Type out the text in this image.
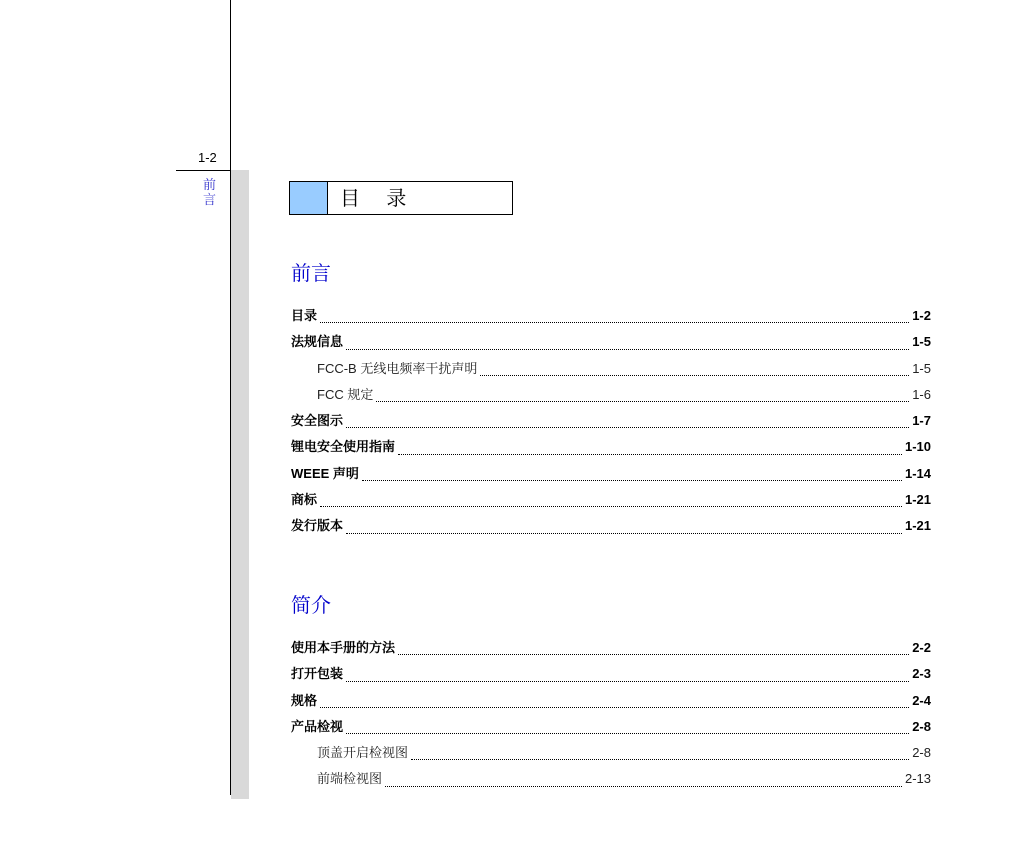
1-2
前言	目 录
前言
目录	1-2
法规信息	1-5
FCC-B 无线电频率干扰声明	1-5
FCC 规定	1-6
安全图示	1-7
锂电安全使用指南	1-10
WEEE 声明	1-14
商标	1-21
发行版本	1-21
简介
使用本手册的方法	2-2
打开包装	2-3
规格	2-4
产品检视	2-8
顶盖开启检视图	2-8
前端检视图	2-13
